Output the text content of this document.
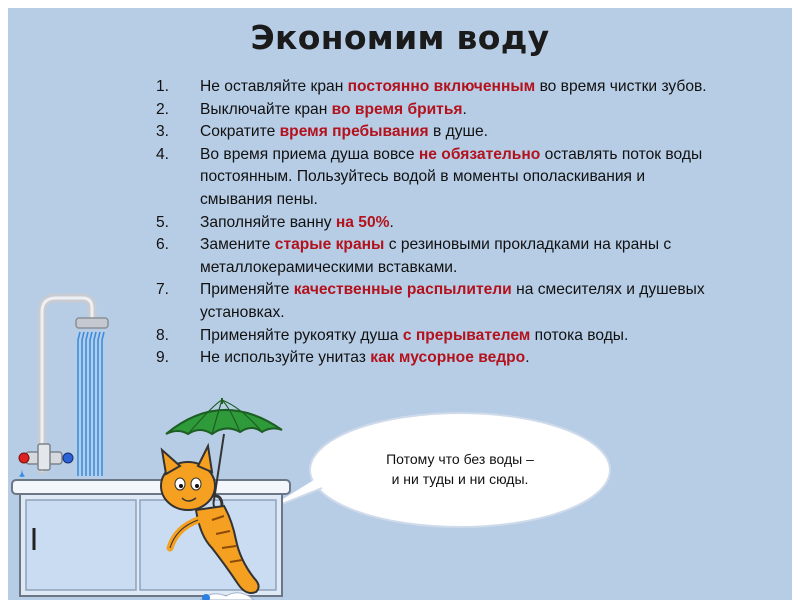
Экономим воду
1. Не оставляйте кран постоянно включенным во время чистки зубов.
2. Выключайте кран во время бритья.
3. Сократите время пребывания в душе.
4. Во время приема душа вовсе не обязательно оставлять поток воды
постоянным. Пользуйтесь водой в моменты ополаскивания и
смывания пены.
5. Заполняйте ванну на 50%.
6. Замените старые краны с резиновыми прокладками на краны с
металлокерамическими вставками.
7. Применяйте качественные распылители на смесителях и душевых
установках.
8. Применяйте рукоятку душа с прерывателем потока воды.
9. Не используйте унитаз как мусорное ведро.
Потому что без воды –
и ни туды и ни сюды.
